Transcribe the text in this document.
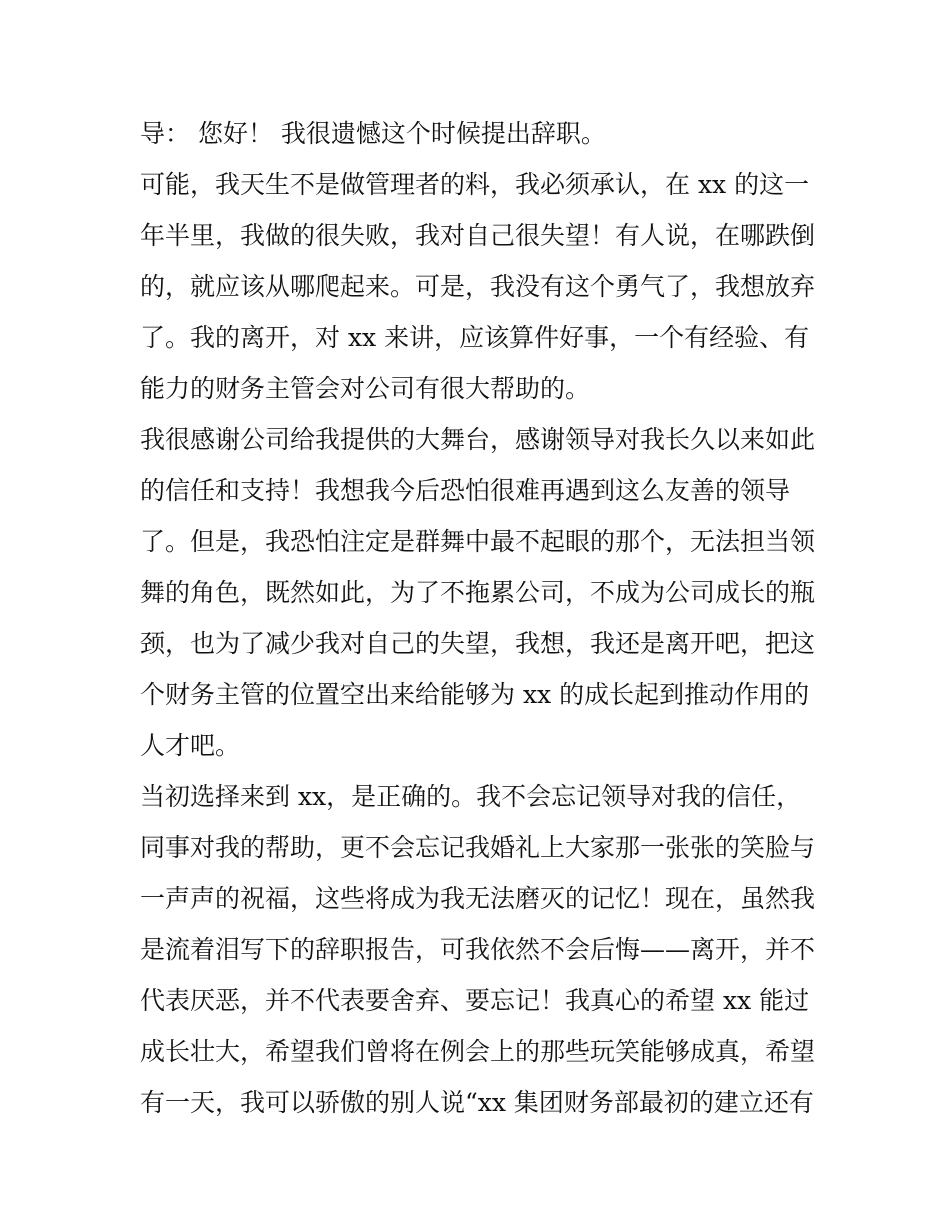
导： 您好！ 我很遗憾这个时候提出辞职。
可能，我天生不是做管理者的料，我必须承认，在 xx 的这一
年半里，我做的很失败，我对自己很失望！有人说，在哪跌倒
的，就应该从哪爬起来。可是，我没有这个勇气了，我想放弃
了。我的离开，对 xx 来讲，应该算件好事，一个有经验、有
能力的财务主管会对公司有很大帮助的。
我很感谢公司给我提供的大舞台，感谢领导对我长久以来如此
的信任和支持！我想我今后恐怕很难再遇到这么友善的领导
了。但是，我恐怕注定是群舞中最不起眼的那个，无法担当领
舞的角色，既然如此，为了不拖累公司，不成为公司成长的瓶
颈，也为了减少我对自己的失望，我想，我还是离开吧，把这
个财务主管的位置空出来给能够为 xx 的成长起到推动作用的
人才吧。
当初选择来到 xx，是正确的。我不会忘记领导对我的信任，
同事对我的帮助，更不会忘记我婚礼上大家那一张张的笑脸与
一声声的祝福，这些将成为我无法磨灭的记忆！现在，虽然我
是流着泪写下的辞职报告，可我依然不会后悔——离开，并不
代表厌恶，并不代表要舍弃、要忘记！我真心的希望 xx 能过
成长壮大，希望我们曾将在例会上的那些玩笑能够成真，希望
有一天，我可以骄傲的别人说“xx 集团财务部最初的建立还有
